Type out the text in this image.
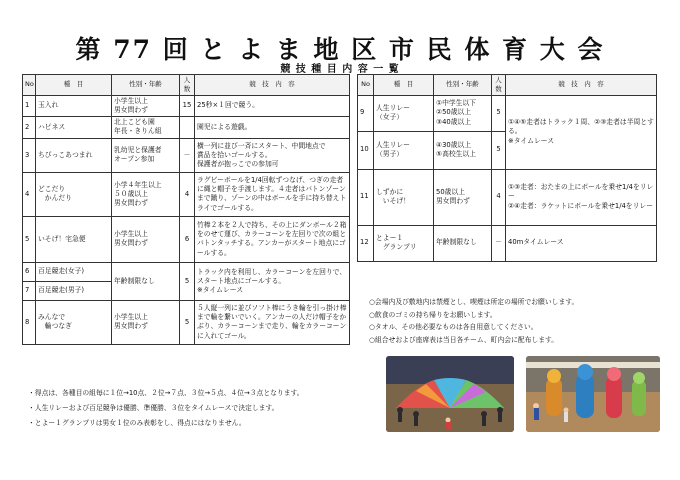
第 77 回 と よ ま 地 区 市 民 体 育 大 会
競 技 種 目 内 容 一 覧
No	種　目	性別・年齢	人数	競　技　内　容
1	玉入れ	小学生以上
男女問わず	15	25秒×１回で競う。
2	ハピネス	北上こども園
年長・きりん組		園児による遊戯。
3	ちびっこあつまれ	乳幼児と保護者
オープン参加	－	横一列に並び一斉にスタート、中間地点で
賞品を拾いゴールする。
保護者が抱っこでの参加可
4	どこだり
　かんだり	小学４年生以上
５０歳以上
男女問わず	4	ラグビーボールを1/4回転ずつなげ、つぎの走者に縄と帽子を手渡します。４走者はバトンゾーンまで蹴り、ゾーンの中はボールを手に持ち替えトライでゴールする。
5	いそげ！宅急便	小学生以上
男女問わず	6	竹棒２本を２人で持ち、その上にダンボール２箱をのせて運び、カラーコーンを左回りで次の組とバトンタッチする。アンカーがスタート地点にゴールする。
6	百足競走(女子)	年齢制限なし	5	トラック内を利用し、カラーコーンを左回りで、スタート地点にゴールする。
※タイムレース
7	百足競走(男子)			
8	みんなで
　輪つなぎ	小学生以上
男女問わず	5	５人縦一列に並びソフト棒にうき輪を引っ掛け棒まで輪を繋いでいく。アンカーの人だけ帽子をかぶり、カラーコーンまで走り、輪をカラーコーンに入れてゴール。
No	種　目	性別・年齢	人数	競　技　内　容
9	人生リレー
（女子）	①中学生以下
②50歳以上
③40歳以上	5	①④⑤走者はトラック１周、②③走者は半周とする。
※タイムレース
10	人生リレー
（男子）	④30歳以上
⑤高校生以上	5	
11	しずかに
　いそげ！	50歳以上
男女問わず	4	①③走者：おたまの上にボールを乗せ1/4をリレー
②④走者：ラケットにボールを乗せ1/4をリレー
12	とよー１
　グランプリ	年齢制限なし	－	40mタイムレース
○会場内及び敷地内は禁煙とし、喫煙は所定の場所でお願いします。
○飲食のゴミの持ち帰りをお願いします。
○タオル、その他必要なものは各自用意してください。
○組合せおよび座席表は当日各チーム、町内会に配布します。
・得点は、各種目の組毎に１位→10点、２位→７点、３位→５点、４位→３点となります。
・人生リレーおよび百足競争は優勝、準優勝、３位をタイムレースで決定します。
・とよー１グランプリは男女１位のみ表彰をし、得点にはなりません。
